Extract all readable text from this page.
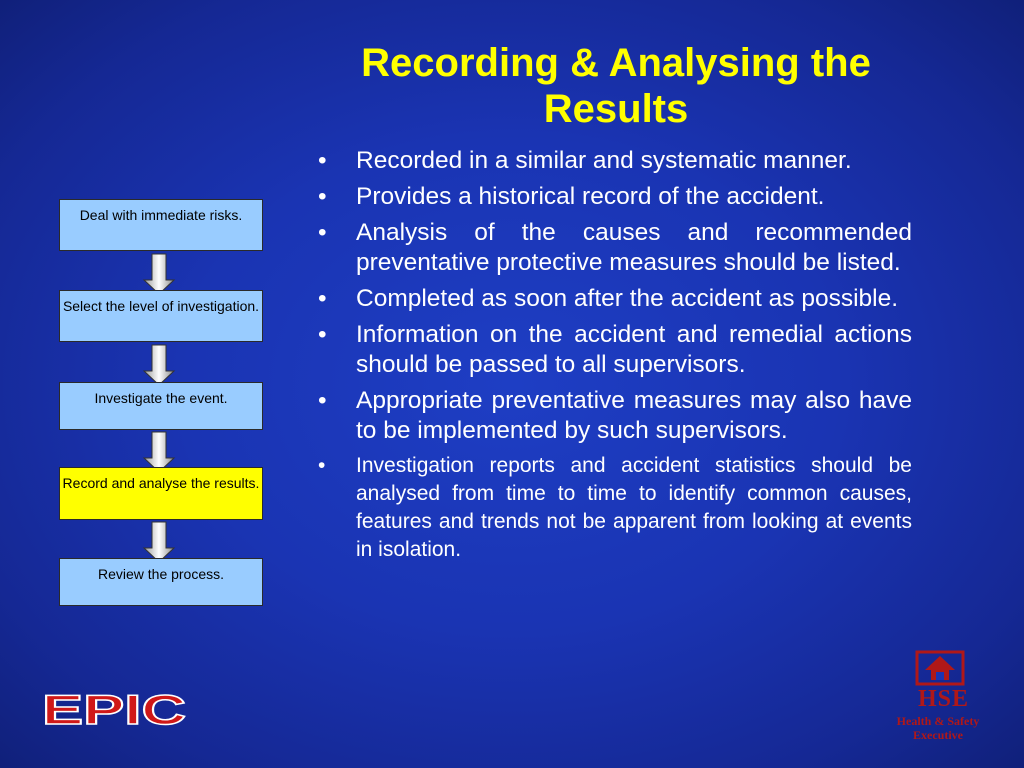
Recording & Analysing the Results
• Recorded in a similar and systematic manner.
• Provides a historical record of the accident.
• Analysis of the causes and recommended preventative protective measures should be listed.
• Completed as soon after the accident as possible.
• Information on the accident and remedial actions should be passed to all supervisors.
• Appropriate preventative measures may also have to be implemented by such supervisors.
• Investigation reports and accident statistics should be analysed from time to time to identify common causes, features and trends not be apparent from looking at events in isolation.
Deal with immediate risks.
Select the level of investigation.
Investigate the event.
Record and analyse the results.
Review the process.
EPIC	HSE
Health & Safety
Executive
